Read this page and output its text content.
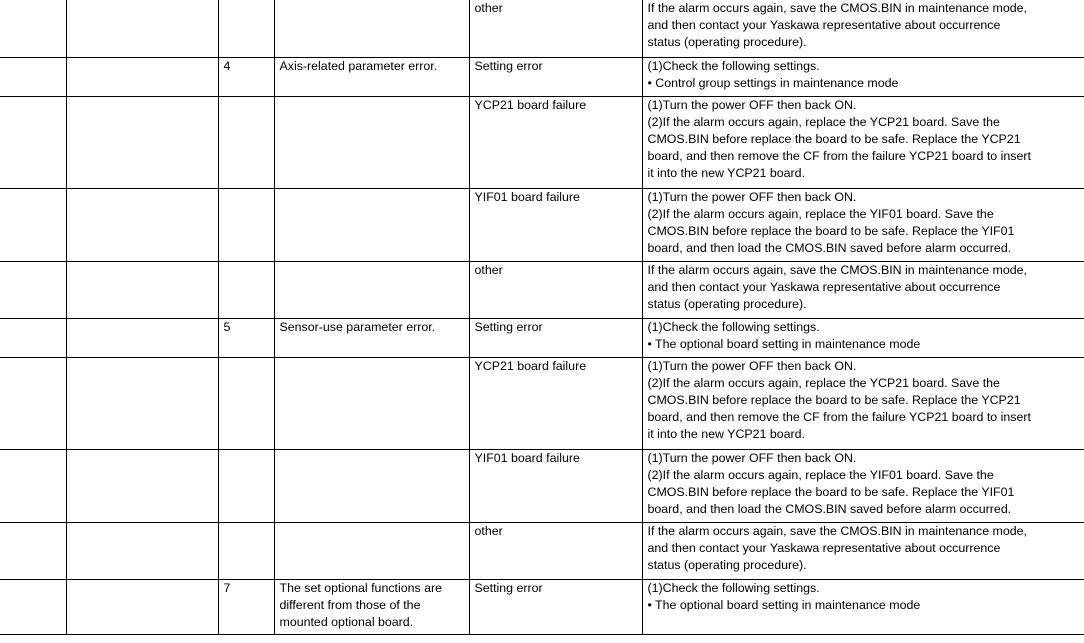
				other	If the alarm occurs again, save the CMOS.BIN in maintenance mode,
and then contact your Yaskawa representative about occurrence
status (operating procedure).

		4	Axis-related parameter error.	Setting error	(1)Check the following settings.
• Control group settings in maintenance mode

				YCP21 board failure	(1)Turn the power OFF then back ON.
(2)If the alarm occurs again, replace the YCP21 board. Save the
CMOS.BIN before replace the board to be safe. Replace the YCP21
board, and then remove the CF from the failure YCP21 board to insert
it into the new YCP21 board.

				YIF01 board failure	(1)Turn the power OFF then back ON.
(2)If the alarm occurs again, replace the YIF01 board. Save the
CMOS.BIN before replace the board to be safe. Replace the YIF01
board, and then load the CMOS.BIN saved before alarm occurred.

				other	If the alarm occurs again, save the CMOS.BIN in maintenance mode,
and then contact your Yaskawa representative about occurrence
status (operating procedure).

		5	Sensor-use parameter error.	Setting error	(1)Check the following settings.
• The optional board setting in maintenance mode

				YCP21 board failure	(1)Turn the power OFF then back ON.
(2)If the alarm occurs again, replace the YCP21 board. Save the
CMOS.BIN before replace the board to be safe. Replace the YCP21
board, and then remove the CF from the failure YCP21 board to insert
it into the new YCP21 board.

				YIF01 board failure	(1)Turn the power OFF then back ON.
(2)If the alarm occurs again, replace the YIF01 board. Save the
CMOS.BIN before replace the board to be safe. Replace the YIF01
board, and then load the CMOS.BIN saved before alarm occurred.

				other	If the alarm occurs again, save the CMOS.BIN in maintenance mode,
and then contact your Yaskawa representative about occurrence
status (operating procedure).

		7	The set optional functions are
different from those of the
mounted optional board.	Setting error	(1)Check the following settings.
• The optional board setting in maintenance mode
